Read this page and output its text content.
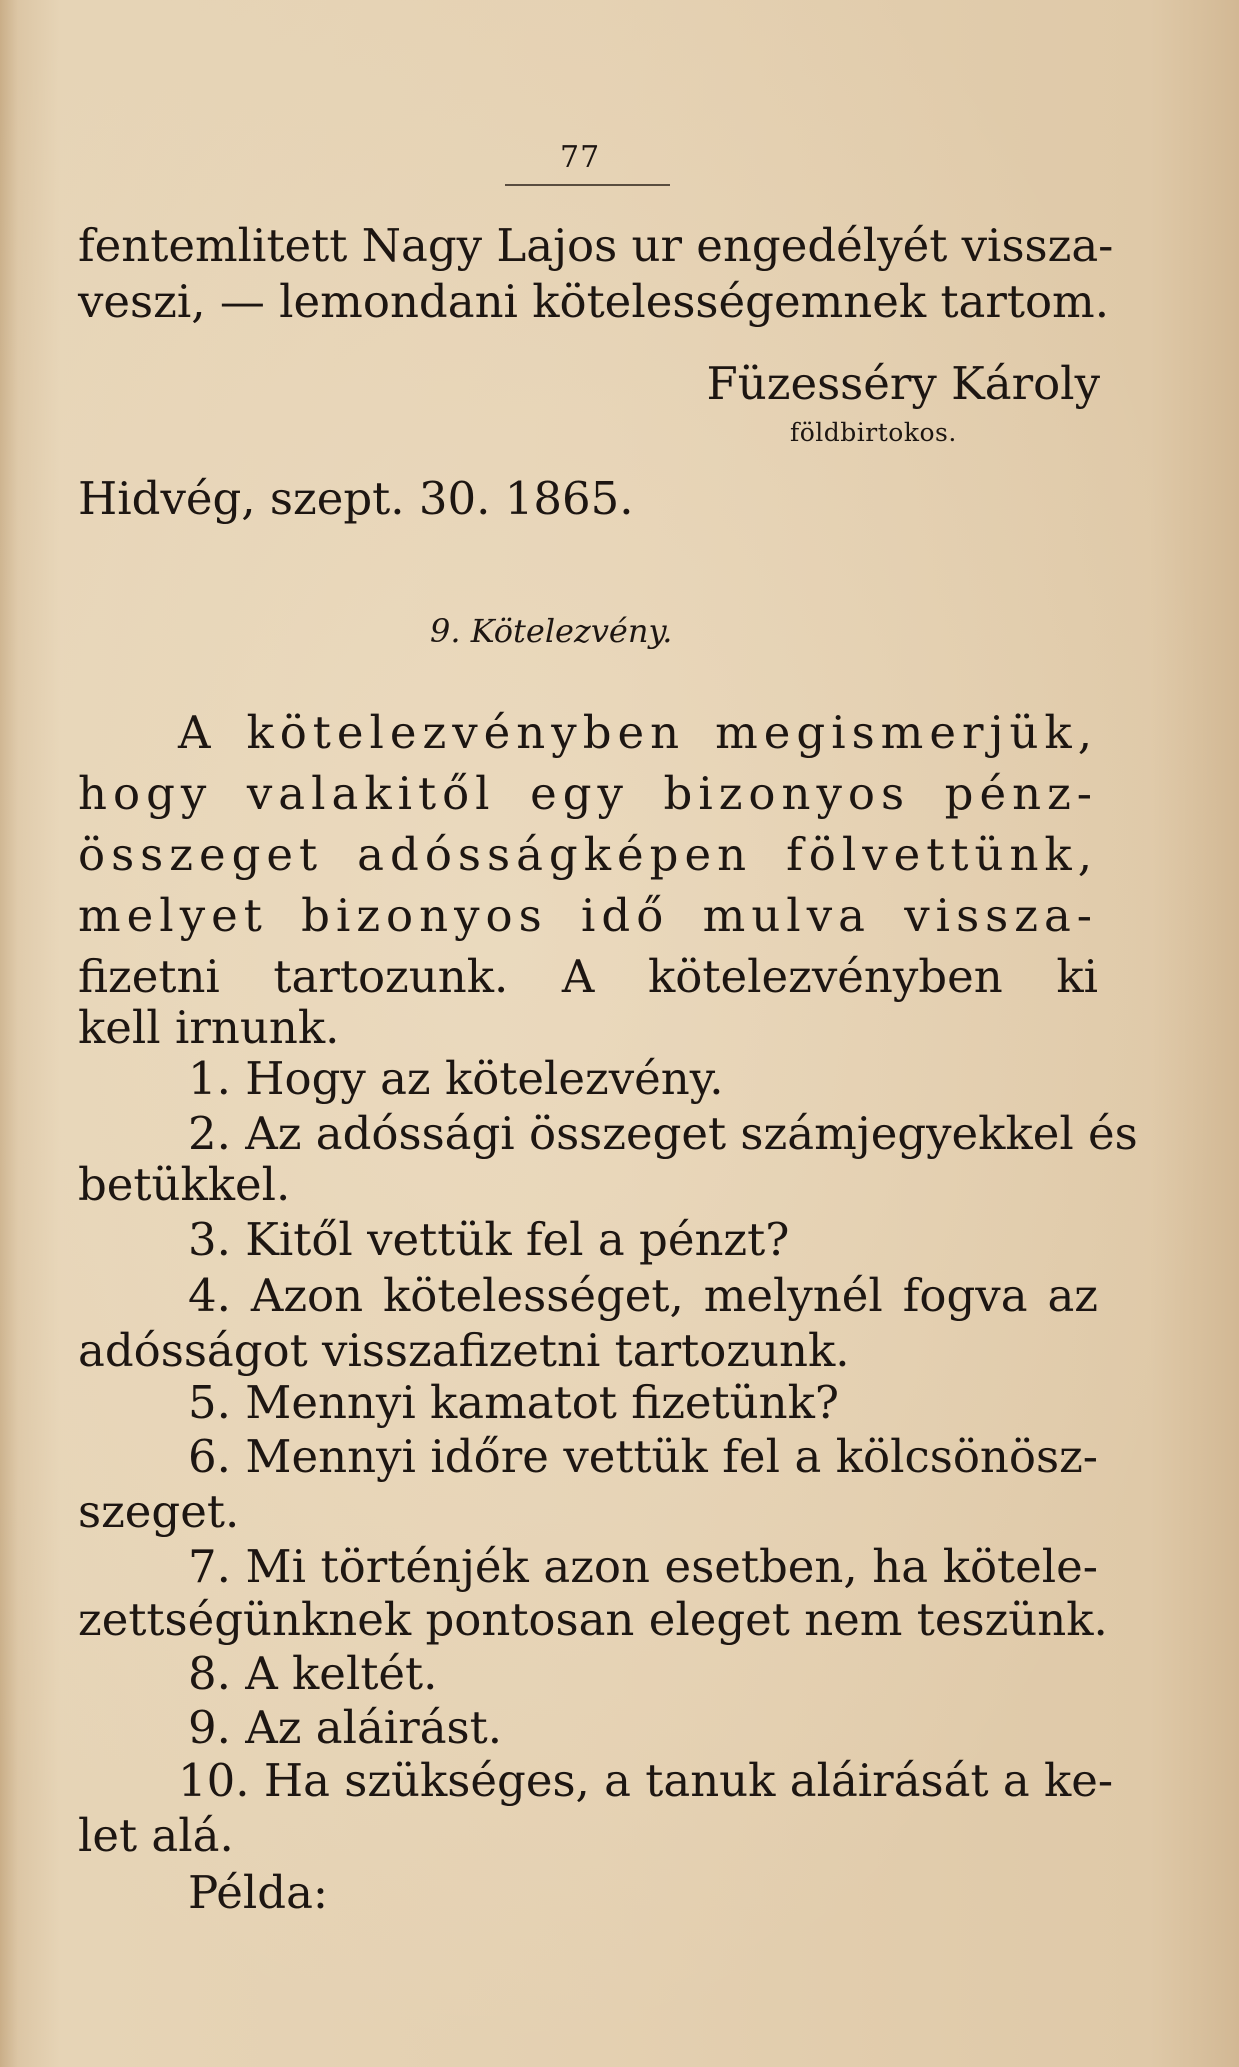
77
fentemlitett Nagy Lajos ur engedélyét vissza-
veszi, — lemondani kötelességemnek tartom.
Füzesséry Károly
földbirtokos.
Hidvég, szept. 30. 1865.
9. Kötelezvény.
A kötelezvényben megismerjük,
hogy valakitől egy bizonyos pénz-
összeget adósságképen fölvettünk,
melyet bizonyos idő mulva vissza-
fizetni tartozunk. A kötelezvényben ki
kell irnunk.
1. Hogy az kötelezvény.
2. Az adóssági összeget számjegyekkel és
betükkel.
3. Kitől vettük fel a pénzt?
4. Azon kötelességet, melynél fogva az
adósságot visszafizetni tartozunk.
5. Mennyi kamatot fizetünk?
6. Mennyi időre vettük fel a kölcsönösz-
szeget.
7. Mi történjék azon esetben, ha kötele-
zettségünknek pontosan eleget nem teszünk.
8. A keltét.
9. Az aláirást.
10. Ha szükséges, a tanuk aláirását a ke-
let alá.
Példa:
